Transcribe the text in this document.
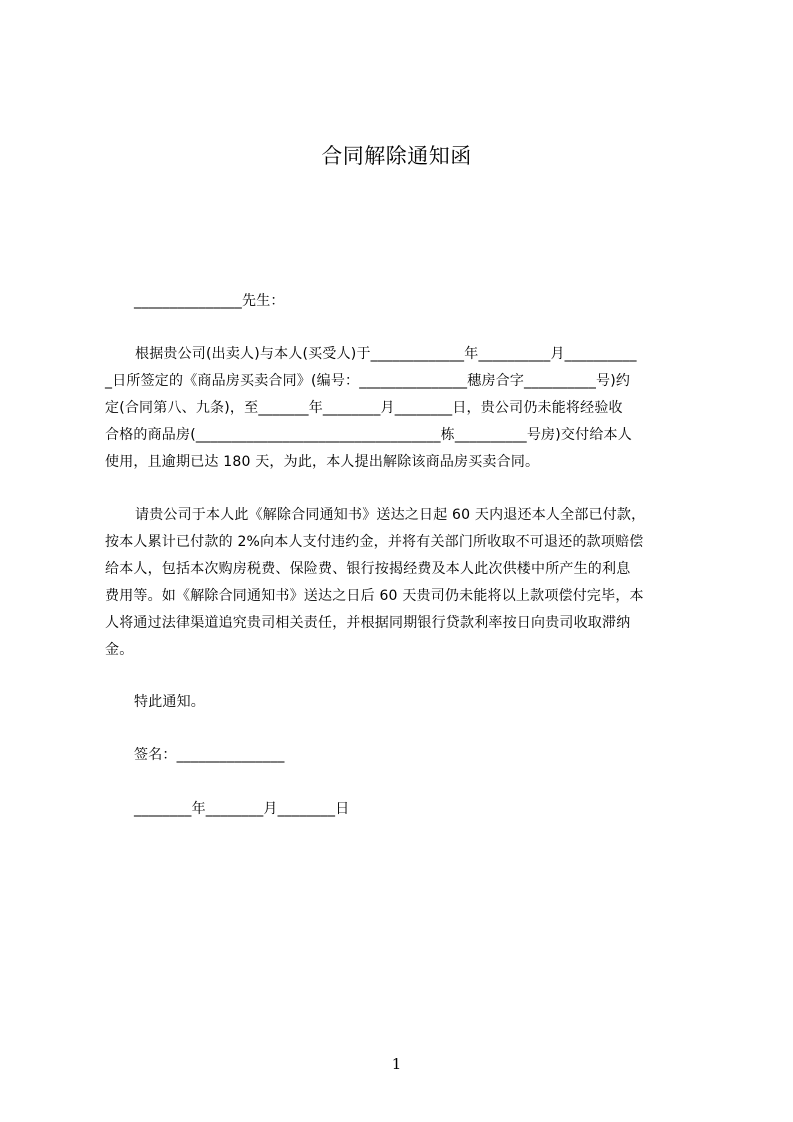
合同解除通知函
_______________先生：
根据贵公司(出卖人)与本人(买受人)于_____________年__________月__________
_日所签定的《商品房买卖合同》(编号：_______________穗房合字__________号)约
定(合同第八、九条)，至_______年________月________日，贵公司仍未能将经验收
合格的商品房(__________________________________栋__________号房)交付给本人
使用，且逾期已达 180 天，为此，本人提出解除该商品房买卖合同。
请贵公司于本人此《解除合同通知书》送达之日起 60 天内退还本人全部已付款，
按本人累计已付款的 2%向本人支付违约金，并将有关部门所收取不可退还的款项赔偿
给本人，包括本次购房税费、保险费、银行按揭经费及本人此次供楼中所产生的利息
费用等。如《解除合同通知书》送达之日后 60 天贵司仍未能将以上款项偿付完毕，本
人将通过法律渠道追究贵司相关责任，并根据同期银行贷款利率按日向贵司收取滞纳
金。
特此通知。
签名：_______________
________年________月________日
1
